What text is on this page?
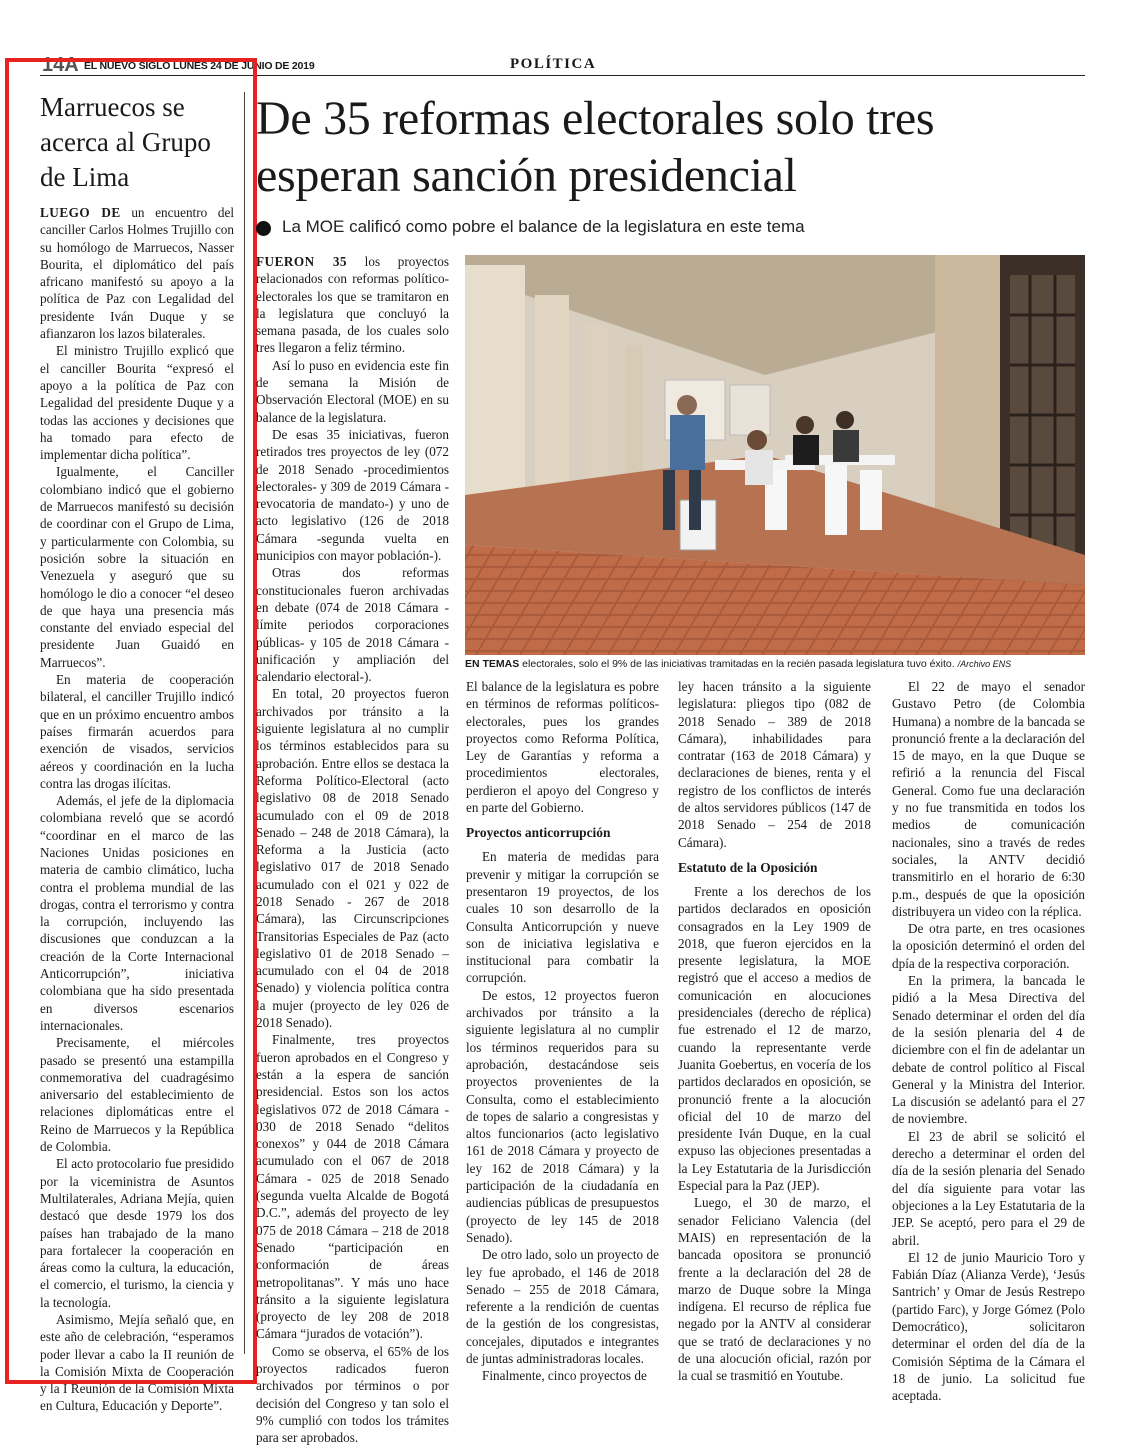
14A EL NUEVO SIGLO LUNES 24 DE JUNIO DE 2019	POLÍTICA
Marruecos se acerca al Grupo de Lima

LUEGO DE un encuentro del canciller Carlos Holmes Trujillo con su homólogo de Marruecos, Nasser Bourita, el diplomático del país africano manifestó su apoyo a la política de Paz con Legalidad del presidente Iván Duque y se afianzaron los lazos bilaterales.

El ministro Trujillo explicó que el canciller Bourita “expresó el apoyo a la política de Paz con Legalidad del presidente Duque y a todas las acciones y decisiones que ha tomado para efecto de implementar dicha política”.

Igualmente, el Canciller colombiano indicó que el gobierno de Marruecos manifestó su decisión de coordinar con el Grupo de Lima, y particularmente con Colombia, su posición sobre la situación en Venezuela y aseguró que su homólogo le dio a conocer “el deseo de que haya una presencia más constante del enviado especial del presidente Juan Guaidó en Marruecos”.

En materia de cooperación bilateral, el canciller Trujillo indicó que en un próximo encuentro ambos países firmarán acuerdos para exención de visados, servicios aéreos y coordinación en la lucha contra las drogas ilícitas.

Además, el jefe de la diplomacia colombiana reveló que se acordó “coordinar en el marco de las Naciones Unidas posiciones en materia de cambio climático, lucha contra el problema mundial de las drogas, contra el terrorismo y contra la corrupción, incluyendo las discusiones que conduzcan a la creación de la Corte Internacional Anticorrupción”, iniciativa colombiana que ha sido presentada en diversos escenarios internacionales.

Precisamente, el miércoles pasado se presentó una estampilla conmemorativa del cuadragésimo aniversario del establecimiento de relaciones diplomáticas entre el Reino de Marruecos y la República de Colombia.

El acto protocolario fue presidido por la viceministra de Asuntos Multilaterales, Adriana Mejía, quien destacó que desde 1979 los dos países han trabajado de la mano para fortalecer la cooperación en áreas como la cultura, la educación, el comercio, el turismo, la ciencia y la tecnología.

Asimismo, Mejía señaló que, en este año de celebración, “esperamos poder llevar a cabo la II reunión de la Comisión Mixta de Cooperación y la I Reunión de la Comisión Mixta en Cultura, Educación y Deporte”.

De 35 reformas electorales solo tres esperan sanción presidencial
La MOE calificó como pobre el balance de la legislatura en este tema

FUERON 35 los proyectos relacionados con reformas político-electorales los que se tramitaron en la legislatura que concluyó la semana pasada, de los cuales solo tres llegaron a feliz término.

Así lo puso en evidencia este fin de semana la Misión de Observación Electoral (MOE) en su balance de la legislatura.

De esas 35 iniciativas, fueron retirados tres proyectos de ley (072 de 2018 Senado -procedimientos electorales- y 309 de 2019 Cámara -revocatoria de mandato-) y uno de acto legislativo (126 de 2018 Cámara -segunda vuelta en municipios con mayor población-).

Otras dos reformas constitucionales fueron archivadas en debate (074 de 2018 Cámara -límite periodos corporaciones públicas- y 105 de 2018 Cámara -unificación y ampliación del calendario electoral-).

En total, 20 proyectos fueron archivados por tránsito a la siguiente legislatura al no cumplir los términos establecidos para su aprobación. Entre ellos se destaca la Reforma Político-Electoral (acto legislativo 08 de 2018 Senado acumulado con el 09 de 2018 Senado – 248 de 2018 Cámara), la Reforma a la Justicia (acto legislativo 017 de 2018 Senado acumulado con el 021 y 022 de 2018 Senado - 267 de 2018 Cámara), las Circunscripciones Transitorias Especiales de Paz (acto legislativo 01 de 2018 Senado – acumulado con el 04 de 2018 Senado) y violencia política contra la mujer (proyecto de ley 026 de 2018 Senado).

Finalmente, tres proyectos fueron aprobados en el Congreso y están a la espera de sanción presidencial. Estos son los actos legislativos 072 de 2018 Cámara - 030 de 2018 Senado “delitos conexos” y 044 de 2018 Cámara acumulado con el 067 de 2018 Cámara - 025 de 2018 Senado (segunda vuelta Alcalde de Bogotá D.C.”, además del proyecto de ley 075 de 2018 Cámara – 218 de 2018 Senado “participación en conformación de áreas metropolitanas”. Y más uno hace tránsito a la siguiente legislatura (proyecto de ley 208 de 2018 Cámara “jurados de votación”).

Como se observa, el 65% de los proyectos radicados fueron archivados por términos o por decisión del Congreso y tan solo el 9% cumplió con todos los trámites para ser aprobados.

EN TEMAS electorales, solo el 9% de las iniciativas tramitadas en la recién pasada legislatura tuvo éxito. /Archivo ENS

El balance de la legislatura es pobre en términos de reformas políticos-electorales, pues los grandes proyectos como Reforma Política, Ley de Garantías y reforma a procedimientos electorales, perdieron el apoyo del Congreso y en parte del Gobierno.

Proyectos anticorrupción

En materia de medidas para prevenir y mitigar la corrupción se presentaron 19 proyectos, de los cuales 10 son desarrollo de la Consulta Anticorrupción y nueve son de iniciativa legislativa e institucional para combatir la corrupción.

De estos, 12 proyectos fueron archivados por tránsito a la siguiente legislatura al no cumplir los términos requeridos para su aprobación, destacándose seis proyectos provenientes de la Consulta, como el establecimiento de topes de salario a congresistas y altos funcionarios (acto legislativo 161 de 2018 Cámara y proyecto de ley 162 de 2018 Cámara) y la participación de la ciudadanía en audiencias públicas de presupuestos (proyecto de ley 145 de 2018 Senado).

De otro lado, solo un proyecto de ley fue aprobado, el 146 de 2018 Senado – 255 de 2018 Cámara, referente a la rendición de cuentas de la gestión de los congresistas, concejales, diputados e integrantes de juntas administradoras locales.

Finalmente, cinco proyectos de

ley hacen tránsito a la siguiente legislatura: pliegos tipo (082 de 2018 Senado – 389 de 2018 Cámara), inhabilidades para contratar (163 de 2018 Cámara) y declaraciones de bienes, renta y el registro de los conflictos de interés de altos servidores públicos (147 de 2018 Senado – 254 de 2018 Cámara).

Estatuto de la Oposición

Frente a los derechos de los partidos declarados en oposición consagrados en la Ley 1909 de 2018, que fueron ejercidos en la presente legislatura, la MOE registró que el acceso a medios de comunicación en alocuciones presidenciales (derecho de réplica) fue estrenado el 12 de marzo, cuando la representante verde Juanita Goebertus, en vocería de los partidos declarados en oposición, se pronunció frente a la alocución oficial del 10 de marzo del presidente Iván Duque, en la cual expuso las objeciones presentadas a la Ley Estatutaria de la Jurisdicción Especial para la Paz (JEP).

Luego, el 30 de marzo, el senador Feliciano Valencia (del MAIS) en representación de la bancada opositora se pronunció frente a la declaración del 28 de marzo de Duque sobre la Minga indígena. El recurso de réplica fue negado por la ANTV al considerar que se trató de declaraciones y no de una alocución oficial, razón por la cual se trasmitió en Youtube.

El 22 de mayo el senador Gustavo Petro (de Colombia Humana) a nombre de la bancada se pronunció frente a la declaración del 15 de mayo, en la que Duque se refirió a la renuncia del Fiscal General. Como fue una declaración y no fue transmitida en todos los medios de comunicación nacionales, sino a través de redes sociales, la ANTV decidió transmitirlo en el horario de 6:30 p.m., después de que la oposición distribuyera un video con la réplica.

De otra parte, en tres ocasiones la oposición determinó el orden del dpía de la respectiva corporación.

En la primera, la bancada le pidió a la Mesa Directiva del Senado determinar el orden del día de la sesión plenaria del 4 de diciembre con el fin de adelantar un debate de control político al Fiscal General y la Ministra del Interior. La discusión se adelantó para el 27 de noviembre.

El 23 de abril se solicitó el derecho a determinar el orden del día de la sesión plenaria del Senado del día siguiente para votar las objeciones a la Ley Estatutaria de la JEP. Se aceptó, pero para el 29 de abril.

El 12 de junio Mauricio Toro y Fabián Díaz (Alianza Verde), ‘Jesús Santrich’ y Omar de Jesús Restrepo (partido Farc), y Jorge Gómez (Polo Democrático), solicitaron determinar el orden del día de la Comisión Séptima de la Cámara el 18 de junio. La solicitud fue aceptada.
